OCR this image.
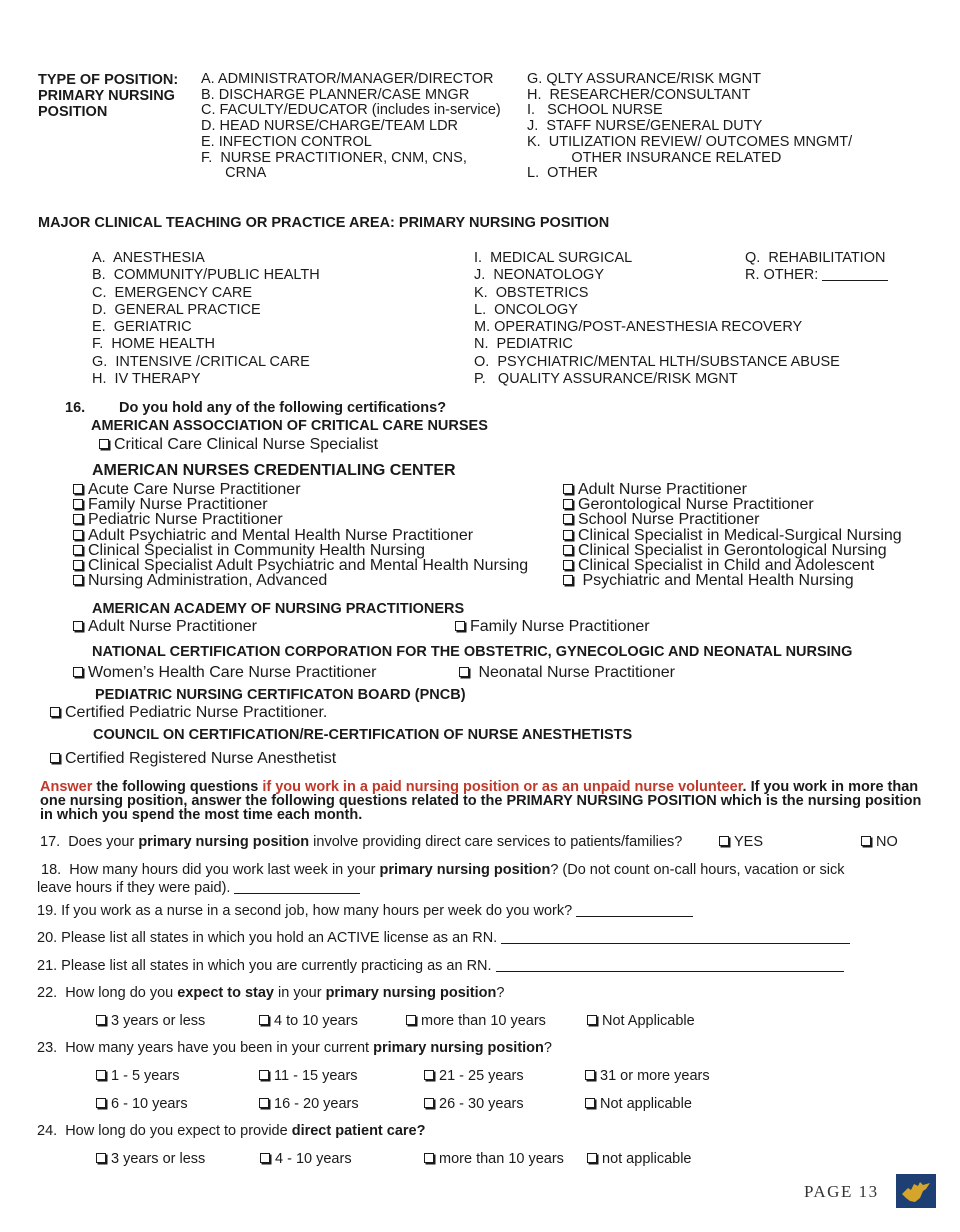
TYPE OF POSITION:
PRIMARY NURSING
POSITION
A. ADMINISTRATOR/MANAGER/DIRECTOR
B. DISCHARGE PLANNER/CASE MNGR
C. FACULTY/EDUCATOR (includes in-service)
D. HEAD NURSE/CHARGE/TEAM LDR
E. INFECTION CONTROL
F.  NURSE PRACTITIONER, CNM, CNS,
CRNA
G. QLTY ASSURANCE/RISK MGNT
H.  RESEARCHER/CONSULTANT
I.   SCHOOL NURSE
J.  STAFF NURSE/GENERAL DUTY
K.  UTILIZATION REVIEW/ OUTCOMES MNGMT/
OTHER INSURANCE RELATED
L.  OTHER
MAJOR CLINICAL TEACHING OR PRACTICE AREA: PRIMARY NURSING POSITION
A.  ANESTHESIA
B.  COMMUNITY/PUBLIC HEALTH
C.  EMERGENCY CARE
D.  GENERAL PRACTICE
E.  GERIATRIC
F.  HOME HEALTH
G.  INTENSIVE /CRITICAL CARE
H.  IV THERAPY
I.  MEDICAL SURGICAL
J.  NEONATOLOGY
K.  OBSTETRICS
L.  ONCOLOGY
M. OPERATING/POST-ANESTHESIA RECOVERY
N.  PEDIATRIC
O.  PSYCHIATRIC/MENTAL HLTH/SUBSTANCE ABUSE
P.   QUALITY ASSURANCE/RISK MGNT
Q.  REHABILITATION
R. OTHER:
16. Do you hold any of the following certifications?
AMERICAN ASSOCCIATION OF CRITICAL CARE NURSES
Critical Care Clinical Nurse Specialist
AMERICAN NURSES CREDENTIALING CENTER
Acute Care Nurse Practitioner
Family Nurse Practitioner
Pediatric Nurse Practitioner
Adult Psychiatric and Mental Health Nurse Practitioner
Clinical Specialist in Community Health Nursing
Clinical Specialist Adult Psychiatric and Mental Health Nursing
Nursing Administration, Advanced
Adult Nurse Practitioner
Gerontological Nurse Practitioner
School Nurse Practitioner
Clinical Specialist in Medical-Surgical Nursing
Clinical Specialist in Gerontological Nursing
Clinical Specialist in Child and Adolescent
Psychiatric and Mental Health Nursing
AMERICAN ACADEMY OF NURSING PRACTITIONERS
Adult Nurse Practitioner	Family Nurse Practitioner
NATIONAL CERTIFICATION CORPORATION FOR THE OBSTETRIC, GYNECOLOGIC AND NEONATAL NURSING
Women’s Health Care Nurse Practitioner	Neonatal Nurse Practitioner
PEDIATRIC NURSING CERTIFICATON BOARD (PNCB)
Certified Pediatric Nurse Practitioner.
COUNCIL ON CERTIFICATION/RE-CERTIFICATION OF NURSE ANESTHETISTS
Certified Registered Nurse Anesthetist
Answer the following questions if you work in a paid nursing position or as an unpaid nurse volunteer. If you work in more than one nursing position, answer the following questions related to the PRIMARY NURSING POSITION which is the nursing position in which you spend the most time each month.
17.  Does your primary nursing position involve providing direct care services to patients/families?	YES	NO
18.  How many hours did you work last week in your primary nursing position? (Do not count on-call hours, vacation or sick
leave hours if they were paid).
19. If you work as a nurse in a second job, how many hours per week do you work?
20. Please list all states in which you hold an ACTIVE license as an RN.
21. Please list all states in which you are currently practicing as an RN.
22.  How long do you expect to stay in your primary nursing position?
3 years or less	4 to 10 years	more than 10 years	Not Applicable
23.  How many years have you been in your current primary nursing position?
1 - 5 years	11 - 15 years	21 - 25 years	31 or more years
6 - 10 years	16 - 20 years	26 - 30 years	Not applicable
24.  How long do you expect to provide direct patient care?
3 years or less	4 - 10 years	more than 10 years	not applicable
PAGE 13
